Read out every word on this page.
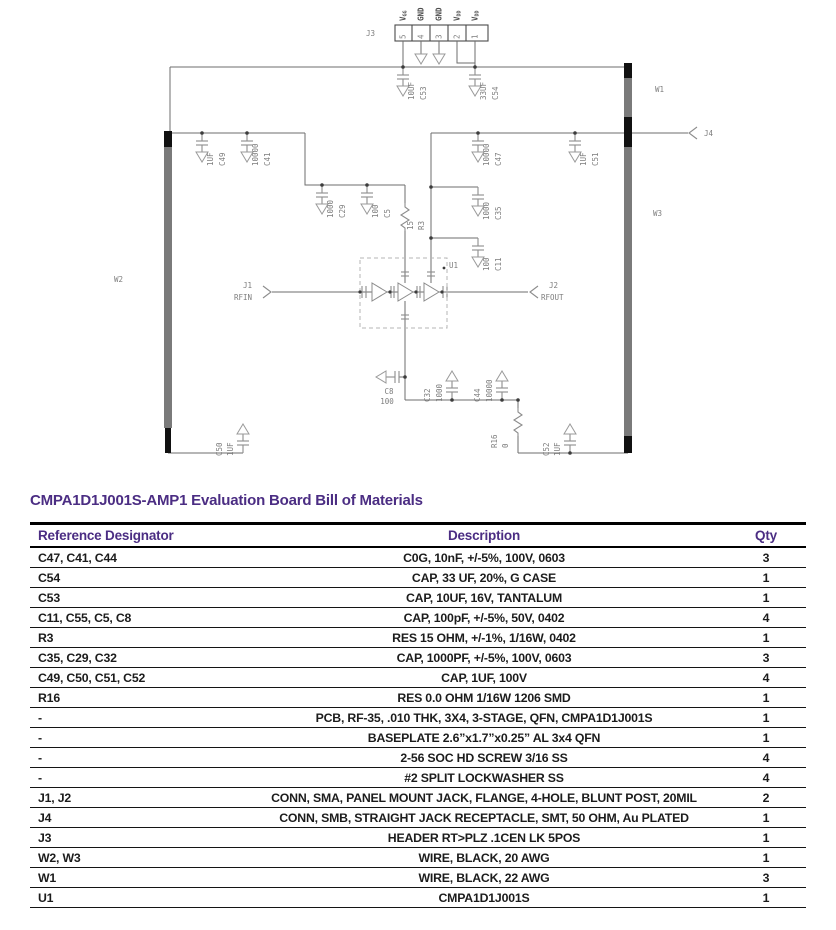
J3	5
VGG
4
GND
3
GND
2
VDD
1
VDD
U1
10UF C53	33UF C54
1UF C49	10000 C41	10000 C47	1UF C51
1000 C29	100 C5
15 R3
1000 C35
100 C11
C8
100	C32 1000	C44 10000
R16 0	C52 1UF
C50 1UF
W1
W2
W3
J4
J1
RFIN
J2
RFOUT
CMPA1D1J001S-AMP1 Evaluation Board Bill of Materials
Reference Designator	Description	Qty
C47, C41, C44	C0G, 10nF, +/-5%, 100V, 0603	3
C54	CAP, 33 UF, 20%, G CASE	1
C53	CAP, 10UF, 16V, TANTALUM	1
C11, C55, C5, C8	CAP, 100pF, +/-5%, 50V, 0402	4
R3	RES 15 OHM, +/-1%, 1/16W, 0402	1
C35, C29, C32	CAP, 1000PF, +/-5%, 100V, 0603	3
C49, C50, C51, C52	CAP, 1UF, 100V	4
R16	RES 0.0 OHM 1/16W 1206 SMD	1
-	PCB, RF-35, .010 THK, 3X4, 3-STAGE, QFN, CMPA1D1J001S	1
-	BASEPLATE 2.6”x1.7”x0.25” AL 3x4 QFN	1
-	2-56 SOC HD SCREW 3/16 SS	4
-	#2 SPLIT LOCKWASHER SS	4
J1, J2	CONN, SMA, PANEL MOUNT JACK, FLANGE, 4-HOLE, BLUNT POST, 20MIL	2
J4	CONN, SMB, STRAIGHT JACK RECEPTACLE, SMT, 50 OHM, Au PLATED	1
J3	HEADER RT>PLZ .1CEN LK 5POS	1
W2, W3	WIRE, BLACK, 20 AWG	1
W1	WIRE, BLACK, 22 AWG	3
U1	CMPA1D1J001S	1
